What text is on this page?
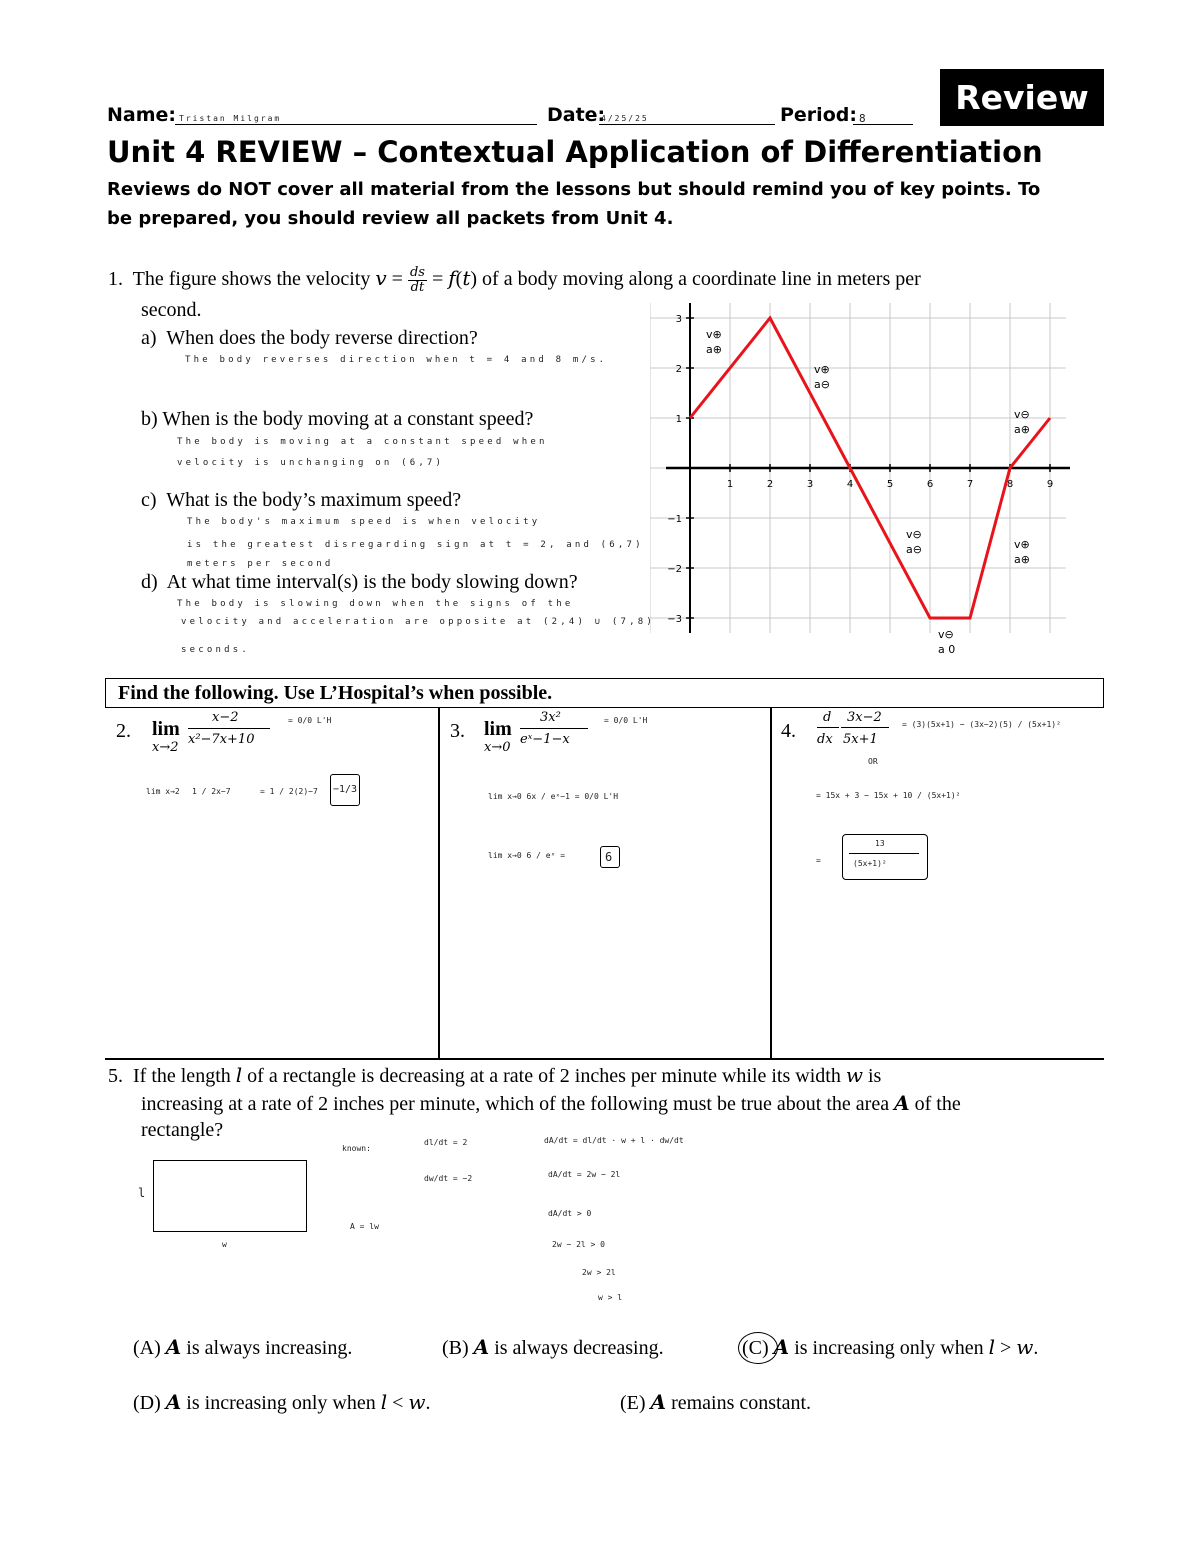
Name: Tristan Milgram	Date:
4/25/25	Period: 8
Review
Unit 4 REVIEW – Contextual Application of Differentiation
Reviews do NOT cover all material from the lessons but should remind you of key points. To be prepared, you should review all packets from Unit 4.
1. The figure shows the velocity $v = \frac{ds}{dt} = f(t)$ of a body moving along a coordinate line in meters per
second.
a) When does the body reverse direction?
The body reverses direction when t = 4 and 8 m/s.
b) When is the body moving at a constant speed?
The body is moving at a constant speed when
velocity is unchanging on (6,7)
c) What is the body’s maximum speed?
The body's maximum speed is when velocity
is the greatest disregarding sign at t = 2, and (6,7)
meters per second
d) At what time interval(s) is the body slowing down?
The body is slowing down when the signs of the
velocity and acceleration are opposite at (2,4) ∪ (7,8)
seconds.
1	2	3	4	5	6	7	8	9
3
2
1
−1
−2
−3
v⊕
a⊕
v⊕
a⊖
v⊖
a⊖
v⊖
a⊕
v⊖
a 0
v⊕
a⊕
Find the following. Use L’Hospital’s when possible.
2. lim
x→2
x−2
x²−7x+10
= 0/0 L'H
lim x→2 1 / 2x−7	= 1 / 2(2)−7 −1/3
3. lim
x→0
3x²
eˣ−1−x
= 0/0 L'H
lim x→0 6x / eˣ−1 = 0/0 L'H
lim x→0 6 / eˣ =	6
4.
d
dx
3x−2
5x+1
= (3)(5x+1) − (3x−2)(5) / (5x+1)²
OR
= 15x + 3 − 15x + 10 / (5x+1)²
13
(5x+1)²
=
5. If the length l of a rectangle is decreasing at a rate of 2 inches per minute while its width w is
increasing at a rate of 2 inches per minute, which of the following must be true about the area A of the
rectangle?
l
w
known:
dl/dt = 2
dw/dt = −2
A = lw
dA/dt = dl/dt · w + l · dw/dt
dA/dt = 2w − 2l
dA/dt > 0
2w − 2l > 0
2w > 2l
w > l
(A) A is always increasing.	(B) A is always decreasing.	(C) A is increasing only when l > w.
(D) A is increasing only when l < w.	(E) A remains constant.
